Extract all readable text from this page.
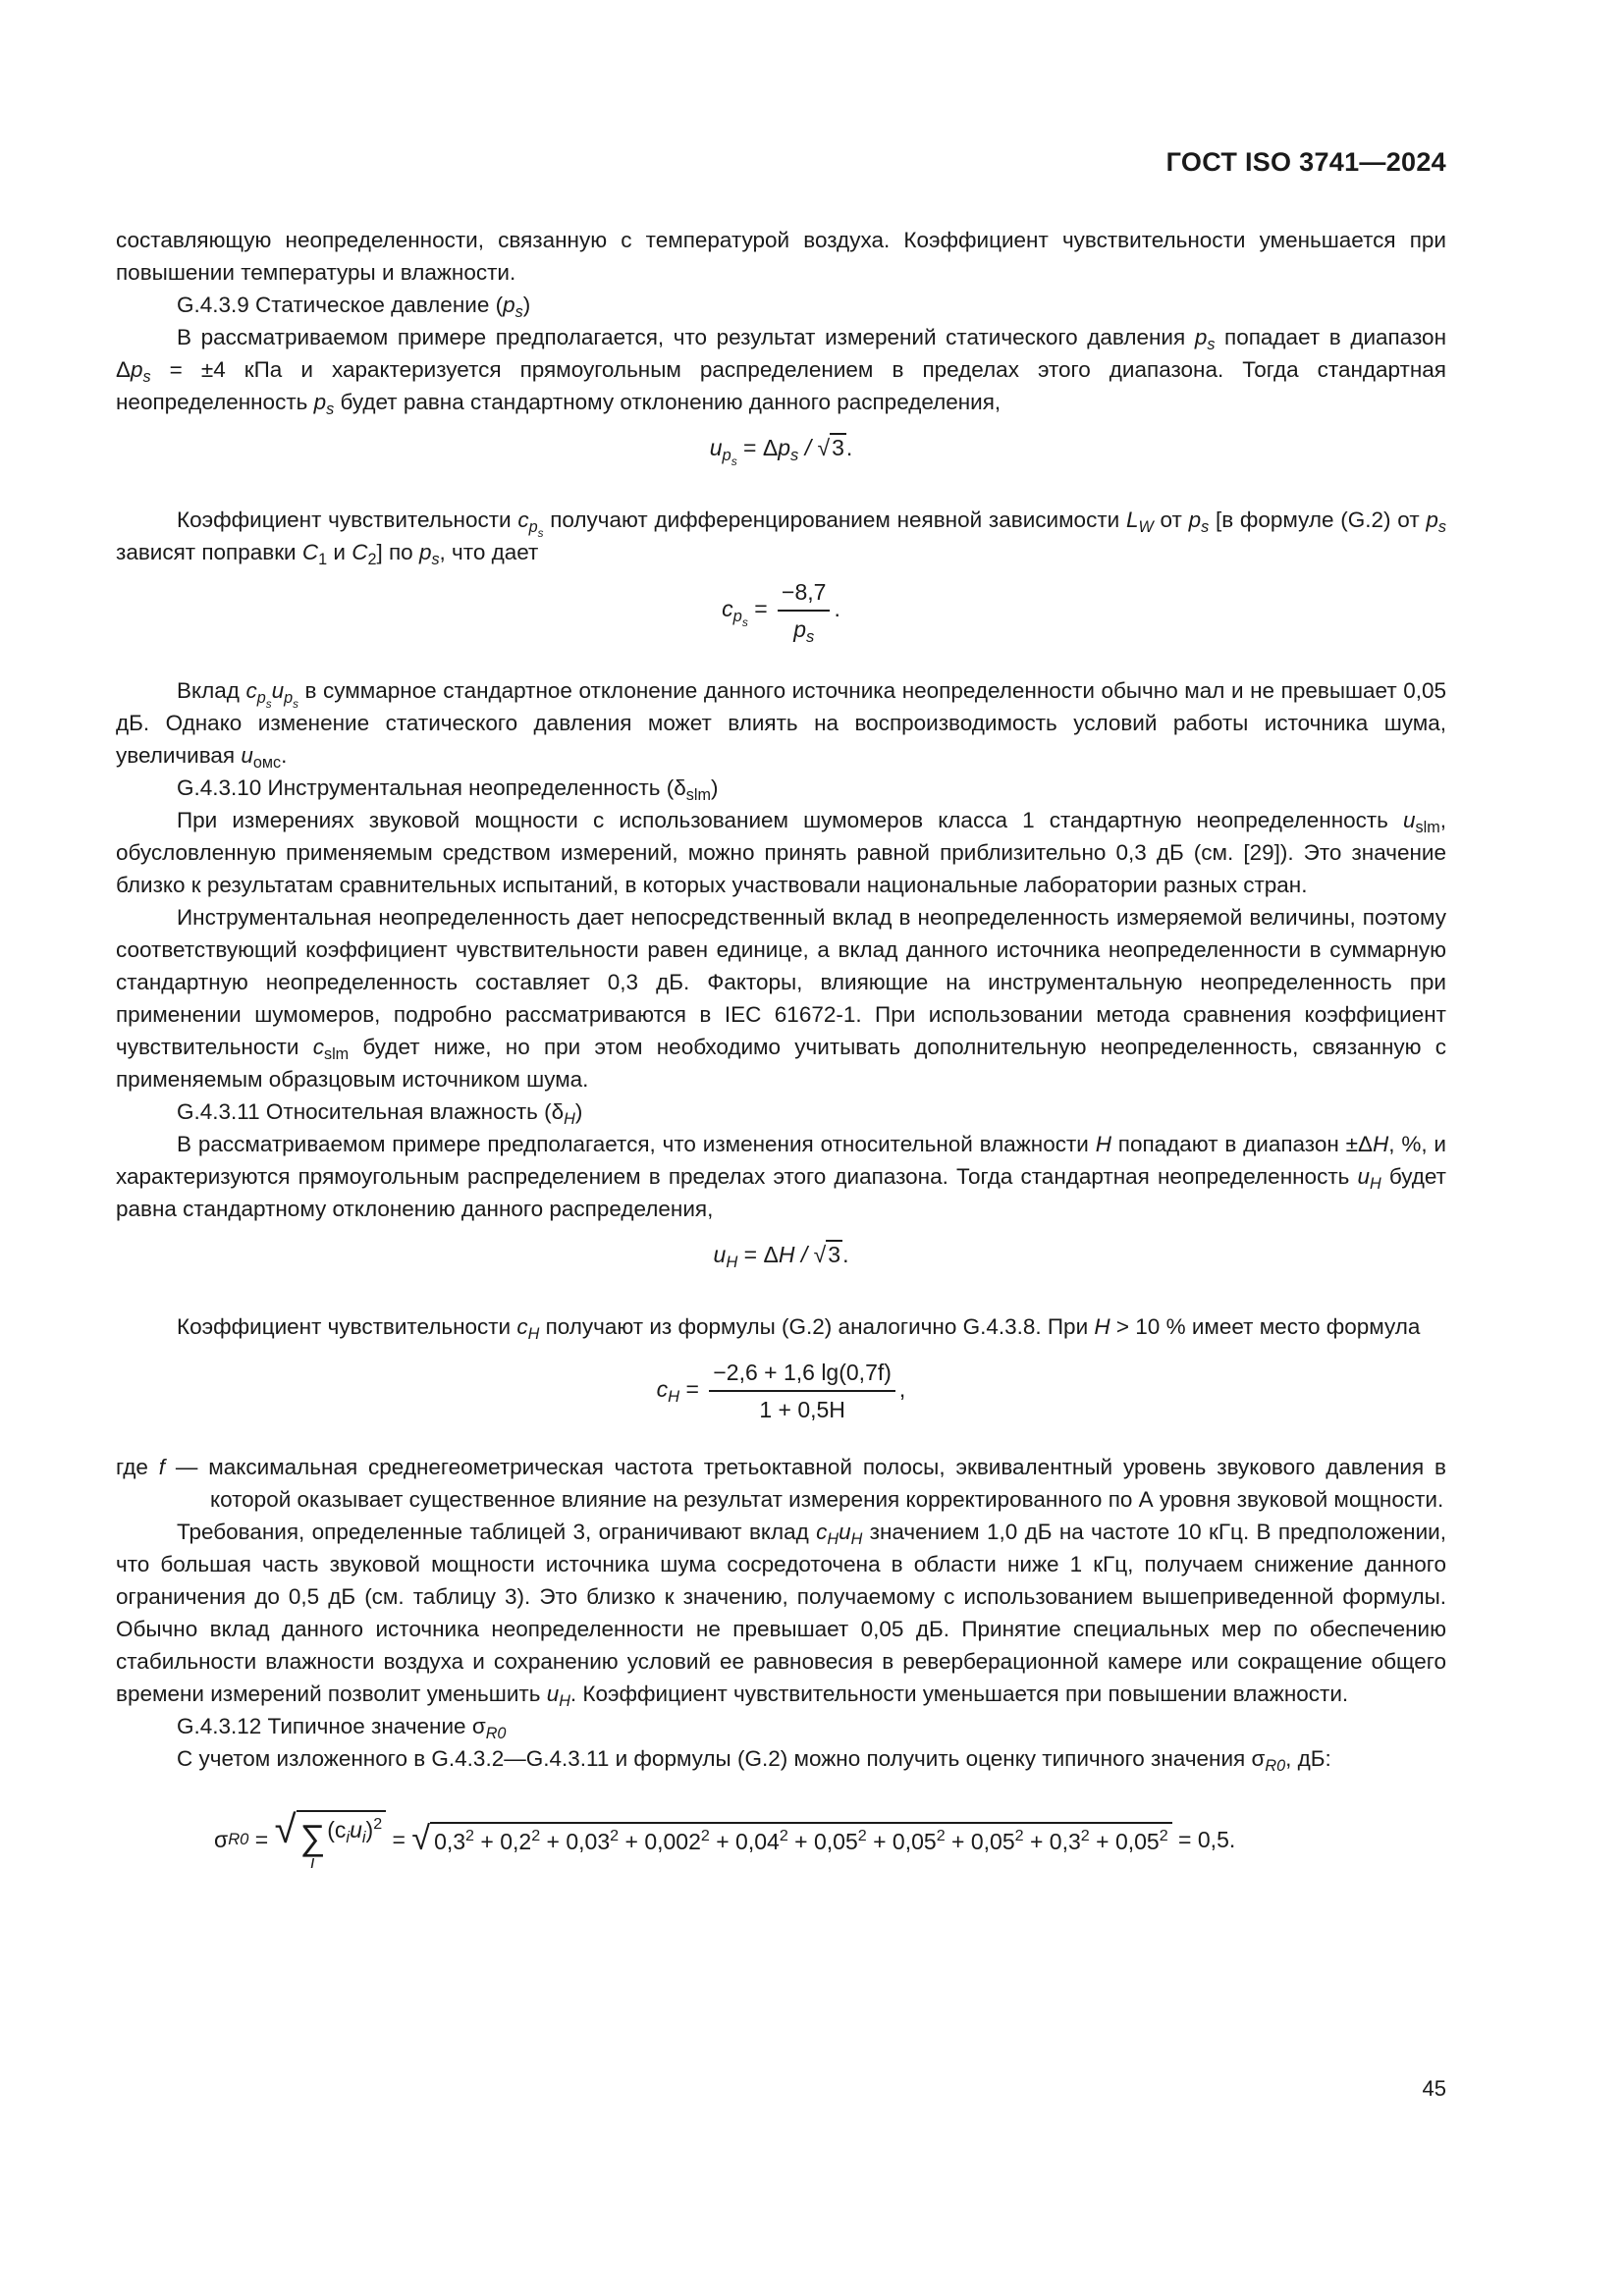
ГОСТ ISO 3741—2024

составляющую неопределенности, связанную с температурой воздуха. Коэффициент чувствительности уменьшается при повышении температуры и влажности.

G.4.3.9 Статическое давление $(p_s)$

В рассматриваемом примере предполагается, что результат измерений статического давления $p_s$ попадает в диапазон $\Delta p_s = \pm 4$ кПа и характеризуется прямоугольным распределением в пределах этого диапазона. Тогда стандартная неопределенность $p_s$ будет равна стандартному отклонению данного распределения,

$u_{p_s} = \Delta p_s / √3$.

Коэффициент чувствительности $c_{p_s}$ получают дифференцированием неявной зависимости $L_W$ от $p_s$ [в формуле (G.2) от $p_s$ зависят поправки $C_1$ и $C_2$] по $p_s$, что дает

$c_{p_s} = \frac{-8,7}{p_s}$ .

Вклад $c_{p_s}u_{p_s}$ в суммарное стандартное отклонение данного источника неопределенности обычно мал и не превышает 0,05 дБ. Однако изменение статического давления может влиять на воспроизводимость условий работы источника шума, увеличивая $u_{омс}$.

G.4.3.10 Инструментальная неопределенность $(\delta_{slm})$

При измерениях звуковой мощности с использованием шумомеров класса 1 стандартную неопределенность $u_{slm}$, обусловленную применяемым средством измерений, можно принять равной приблизительно 0,3 дБ (см. [29]). Это значение близко к результатам сравнительных испытаний, в которых участвовали национальные лаборатории разных стран.

Инструментальная неопределенность дает непосредственный вклад в неопределенность измеряемой величины, поэтому соответствующий коэффициент чувствительности равен единице, а вклад данного источника неопределенности в суммарную стандартную неопределенность составляет 0,3 дБ. Факторы, влияющие на инструментальную неопределенность при применении шумомеров, подробно рассматриваются в IEC 61672-1. При использовании метода сравнения коэффициент чувствительности $c_{slm}$ будет ниже, но при этом необходимо учитывать дополнительную неопределенность, связанную с применяемым образцовым источником шума.

G.4.3.11 Относительная влажность $(\delta_H)$

В рассматриваемом примере предполагается, что изменения относительной влажности H попадают в диапазон ±ΔH, %, и характеризуются прямоугольным распределением в пределах этого диапазона. Тогда стандартная неопределенность $u_H$ будет равна стандартному отклонению данного распределения,

$u_H = \Delta H / √3$.

Коэффициент чувствительности $c_H$ получают из формулы (G.2) аналогично G.4.3.8. При H > 10 % имеет место формула

$c_H = \frac{-2,6 + 1,6 \lg(0,7f)}{1 + 0,5H}$ ,

где f — максимальная среднегеометрическая частота третьоктавной полосы, эквивалентный уровень звукового давления в которой оказывает существенное влияние на результат измерения корректированного по А уровня звуковой мощности.

Требования, определенные таблицей 3, ограничивают вклад $c_Hu_H$ значением 1,0 дБ на частоте 10 кГц. В предположении, что большая часть звуковой мощности источника шума сосредоточена в области ниже 1 кГц, получаем снижение данного ограничения до 0,5 дБ (см. таблицу 3). Это близко к значению, получаемому с использованием вышеприведенной формулы. Обычно вклад данного источника неопределенности не превышает 0,05 дБ. Принятие специальных мер по обеспечению стабильности влажности воздуха и сохранению условий ее равновесия в реверберационной камере или сокращение общего времени измерений позволит уменьшить $u_H$. Коэффициент чувствительности уменьшается при повышении влажности.

G.4.3.12 Типичное значение $\sigma_{R0}$

С учетом изложенного в G.4.3.2—G.4.3.11 и формулы (G.2) можно получить оценку типичного значения $\sigma_{R0}$, дБ:

σ R0 = √ ∑
i
$(c_iu_i)^2$
= √ $0,3^2 + 0,2^2 + 0,03^2 + 0,002^2 + 0,04^2 + 0,05^2 + 0,05^2 + 0,05^2 + 0,3^2 + 0,05^2 = 0,5$.
45
